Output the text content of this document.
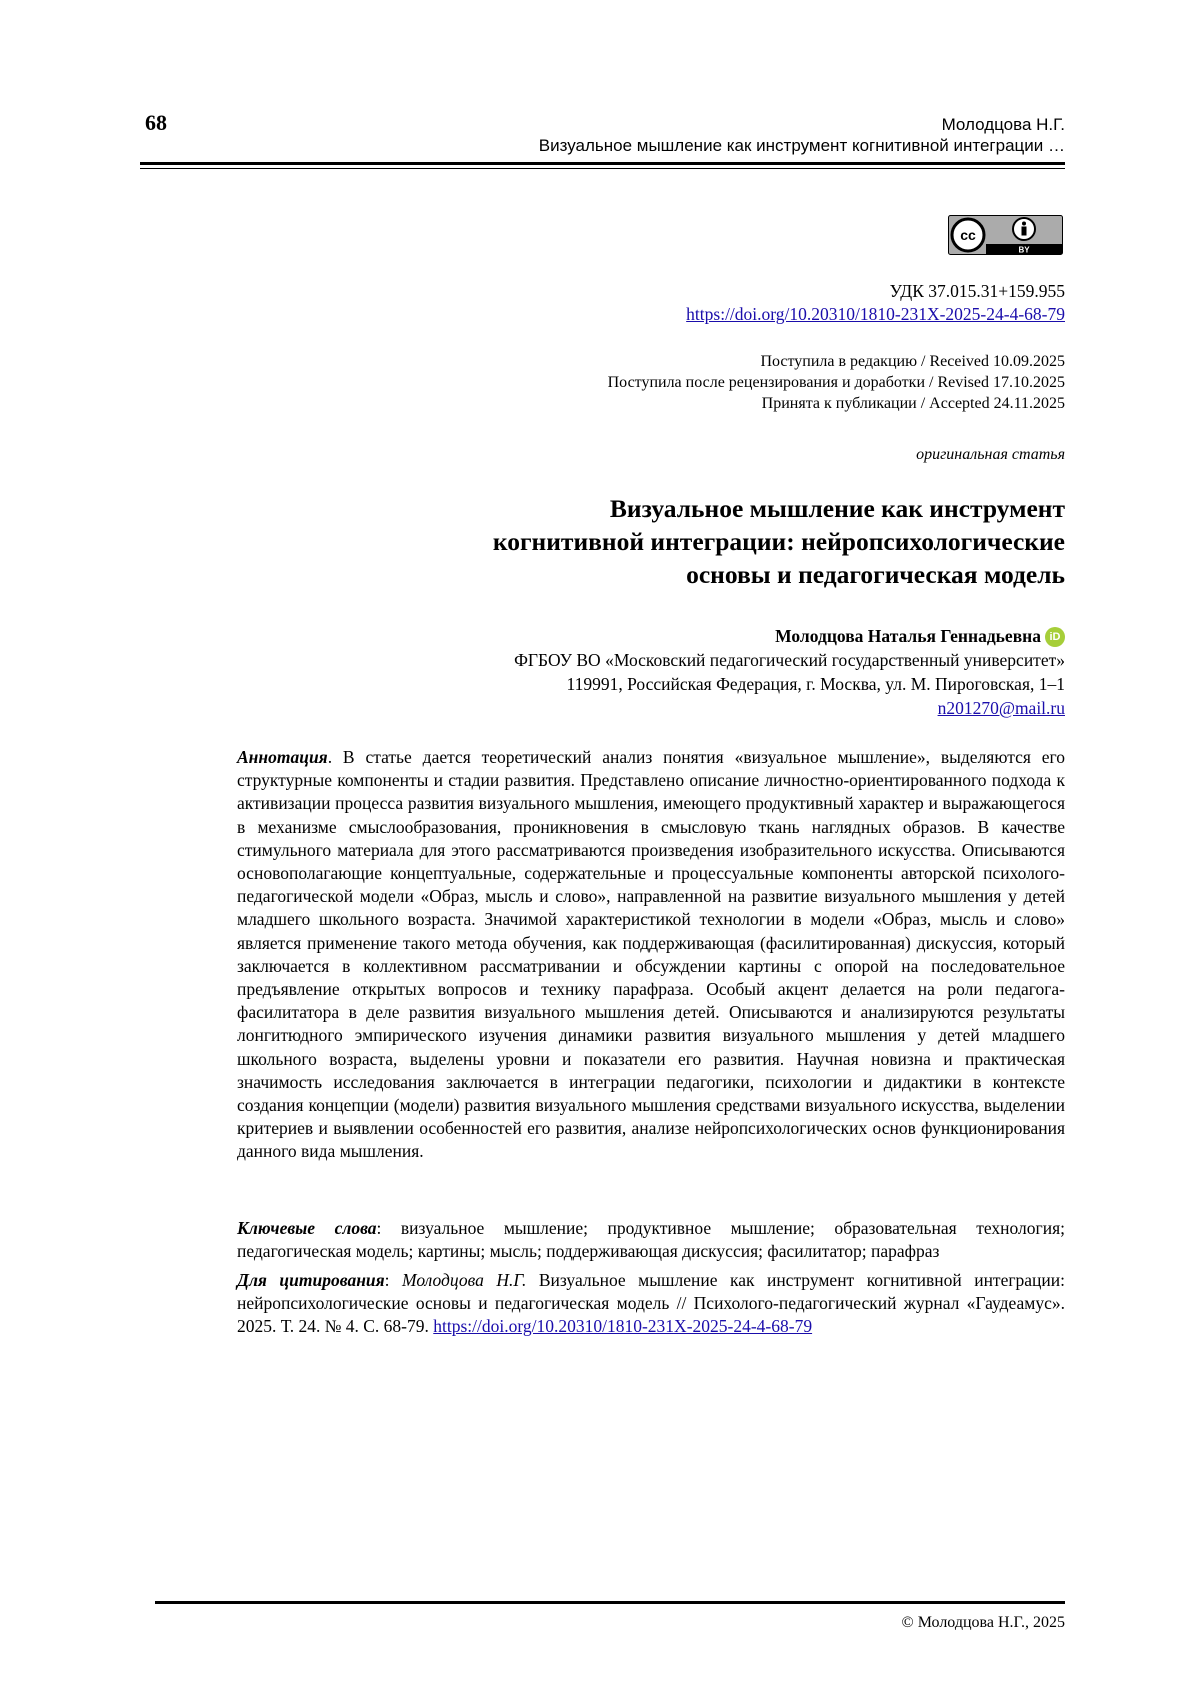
68	Молодцова Н.Г.
Визуальное мышление как инструмент когнитивной интеграции …
cc
BY
УДК 37.015.31+159.955
https://doi.org/10.20310/1810-231X-2025-24-4-68-79
Поступила в редакцию / Received 10.09.2025
Поступила после рецензирования и доработки / Revised 17.10.2025
Принята к публикации / Accepted 24.11.2025
оригинальная статья
Визуальное мышление как инструмент
когнитивной интеграции: нейропсихологические
основы и педагогическая модель
Молодцова Наталья Геннадьевна iD
ФГБОУ ВО «Московский педагогический государственный университет»
119991, Российская Федерация, г. Москва, ул. М. Пироговская, 1–1
n201270@mail.ru
Аннотация. В статье дается теоретический анализ понятия «визуальное мышление», выделяются его структурные компоненты и стадии развития. Представлено описание личностно-ориентированного подхода к активизации процесса развития визуального мышления, имеющего продуктивный характер и выражающегося в механизме смыслообразования, проникновения в смысловую ткань наглядных образов. В качестве стимульного материала для этого рассматриваются произведения изобразительного искусства. Описываются основополагающие концептуальные, содержательные и процессуальные компоненты авторской психолого-педагогической модели «Образ, мысль и слово», направленной на развитие визуального мышления у детей младшего школьного возраста. Значимой характеристикой технологии в модели «Образ, мысль и слово» является применение такого метода обучения, как поддерживающая (фасилитированная) дискуссия, который заключается в коллективном рассматривании и обсуждении картины с опорой на последовательное предъявление открытых вопросов и технику парафраза. Особый акцент делается на роли педагога-фасилитатора в деле развития визуального мышления детей. Описываются и анализируются результаты лонгитюдного эмпирического изучения динамики развития визуального мышления у детей младшего школьного возраста, выделены уровни и показатели его развития. Научная новизна и практическая значимость исследования заключается в интеграции педагогики, психологии и дидактики в контексте создания концепции (модели) развития визуального мышления средствами визуального искусства, выделении критериев и выявлении особенностей его развития, анализе нейропсихологических основ функционирования данного вида мышления.
Ключевые слова: визуальное мышление; продуктивное мышление; образовательная технология; педагогическая модель; картины; мысль; поддерживающая дискуссия; фасилитатор; парафраз
Для цитирования: Молодцова Н.Г. Визуальное мышление как инструмент когнитивной интеграции: нейропсихологические основы и педагогическая модель // Психолого-педагогический журнал «Гаудеамус». 2025. Т. 24. № 4. С. 68-79. https://doi.org/10.20310/1810-231X-2025-24-4-68-79
© Молодцова Н.Г., 2025
